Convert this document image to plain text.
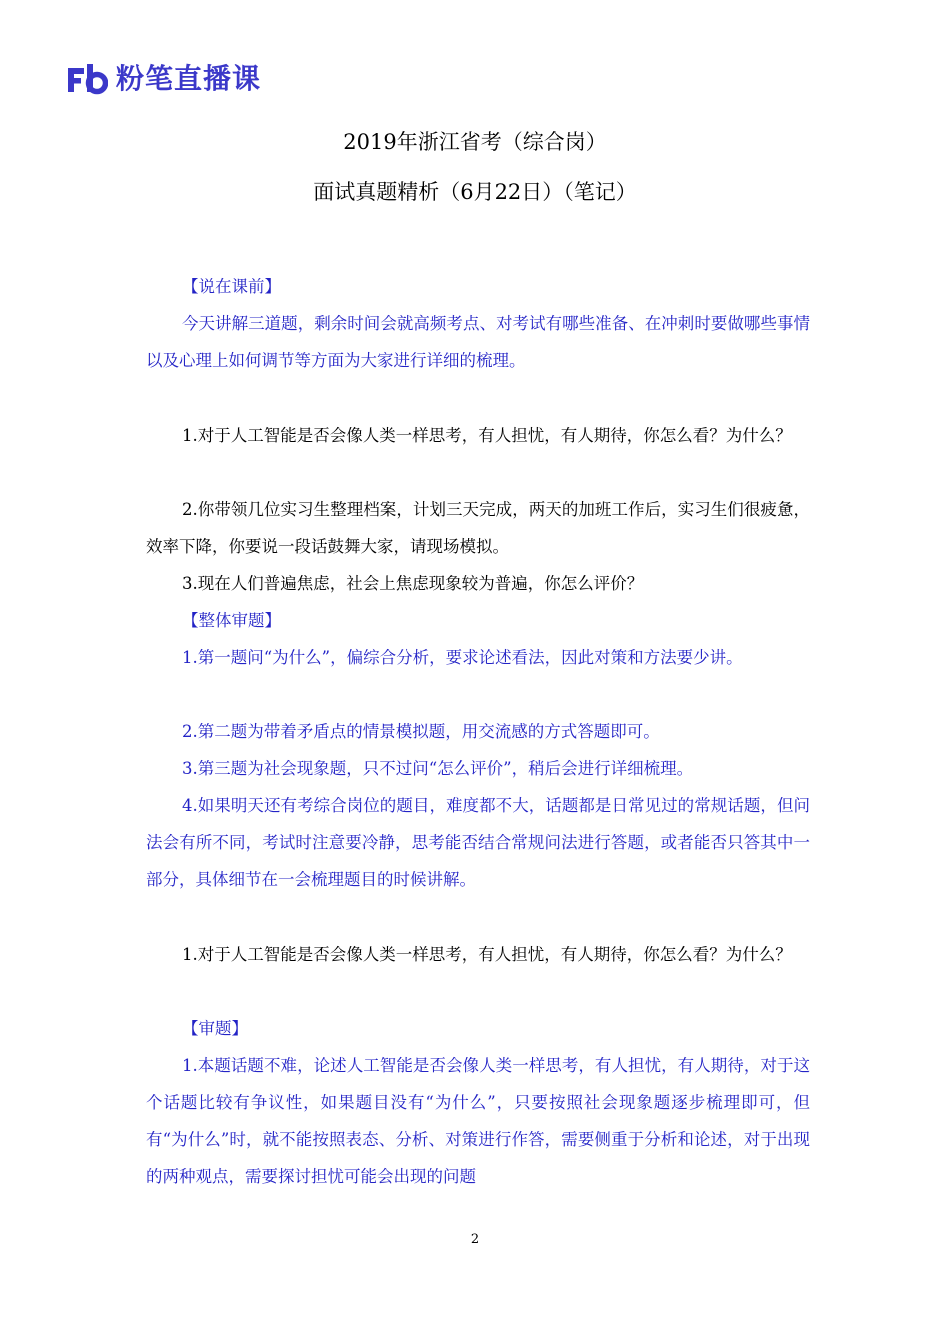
粉笔直播课
2019年浙江省考（综合岗）
面试真题精析（6月22日）（笔记）

【说在课前】

今天讲解三道题，剩余时间会就高频考点、对考试有哪些准备、在冲刺时要做哪些事情以及心理上如何调节等方面为大家进行详细的梳理。

1.对于人工智能是否会像人类一样思考，有人担忧，有人期待，你怎么看？为什么？

2.你带领几位实习生整理档案，计划三天完成，两天的加班工作后，实习生们很疲惫，效率下降，你要说一段话鼓舞大家，请现场模拟。

3.现在人们普遍焦虑，社会上焦虑现象较为普遍，你怎么评价？

【整体审题】

1.第一题问“为什么”，偏综合分析，要求论述看法，因此对策和方法要少讲。

2.第二题为带着矛盾点的情景模拟题，用交流感的方式答题即可。

3.第三题为社会现象题，只不过问“怎么评价”，稍后会进行详细梳理。

4.如果明天还有考综合岗位的题目，难度都不大，话题都是日常见过的常规话题，但问法会有所不同，考试时注意要冷静，思考能否结合常规问法进行答题，或者能否只答其中一部分，具体细节在一会梳理题目的时候讲解。

1.对于人工智能是否会像人类一样思考，有人担忧，有人期待，你怎么看？为什么？

【审题】

1.本题话题不难，论述人工智能是否会像人类一样思考，有人担忧，有人期待，对于这个话题比较有争议性，如果题目没有“为什么”，只要按照社会现象题逐步梳理即可，但有“为什么”时，就不能按照表态、分析、对策进行作答，需要侧重于分析和论述，对于出现的两种观点，需要探讨担忧可能会出现的问题

2
